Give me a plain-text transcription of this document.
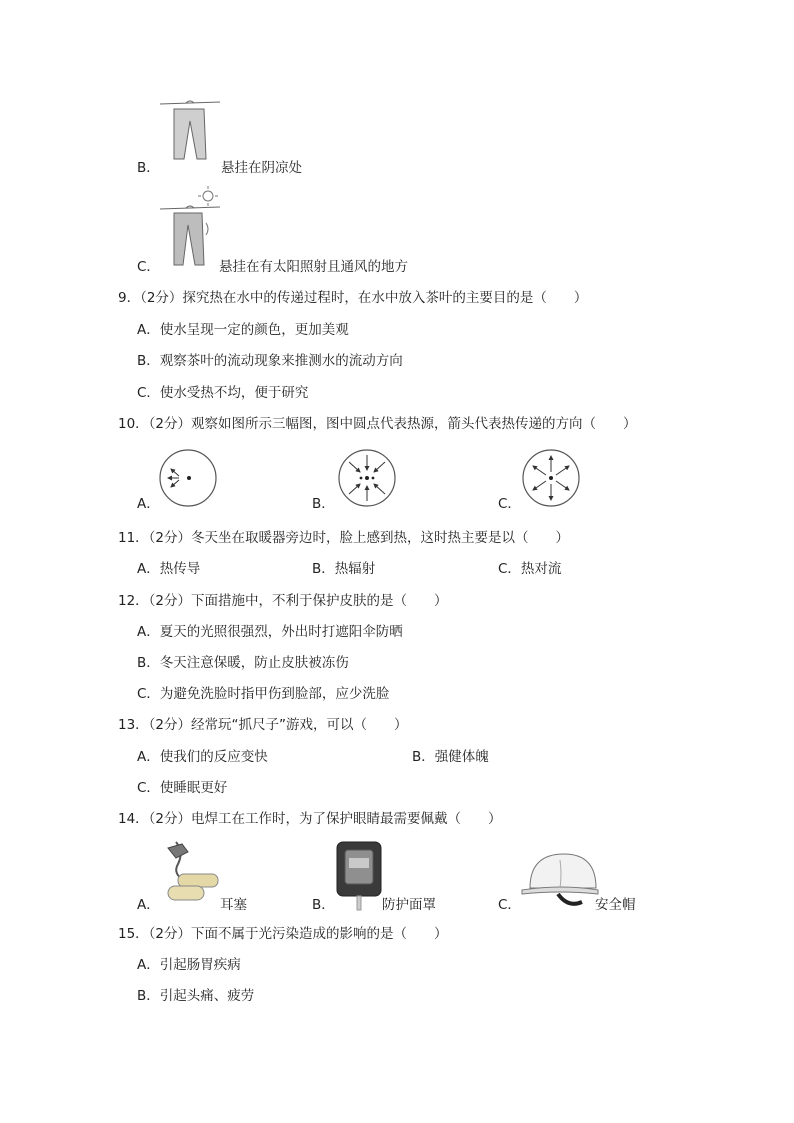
B．	悬挂在阴凉处
C．	悬挂在有太阳照射且通风的地方
9．（2分）探究热在水中的传递过程时，在水中放入茶叶的主要目的是（　　）
A．使水呈现一定的颜色，更加美观
B．观察茶叶的流动现象来推测水的流动方向
C．使水受热不均，便于研究
10．（2分）观察如图所示三幅图，图中圆点代表热源，箭头代表热传递的方向（　　）
A．	B．	C．
11．（2分）冬天坐在取暖器旁边时，脸上感到热，这时热主要是以（　　）
A．热传导	B．热辐射	C．热对流
12．（2分）下面措施中，不利于保护皮肤的是（　　）
A．夏天的光照很强烈，外出时打遮阳伞防晒
B．冬天注意保暖，防止皮肤被冻伤
C．为避免洗脸时指甲伤到脸部，应少洗脸
13．（2分）经常玩“抓尺子”游戏，可以（　　）
A．使我们的反应变快	B．强健体魄
C．使睡眠更好
14．（2分）电焊工在工作时，为了保护眼睛最需要佩戴（　　）
A．	耳塞	B．	防护面罩	C．	安全帽
15．（2分）下面不属于光污染造成的影响的是（　　）
A．引起肠胃疾病
B．引起头痛、疲劳
